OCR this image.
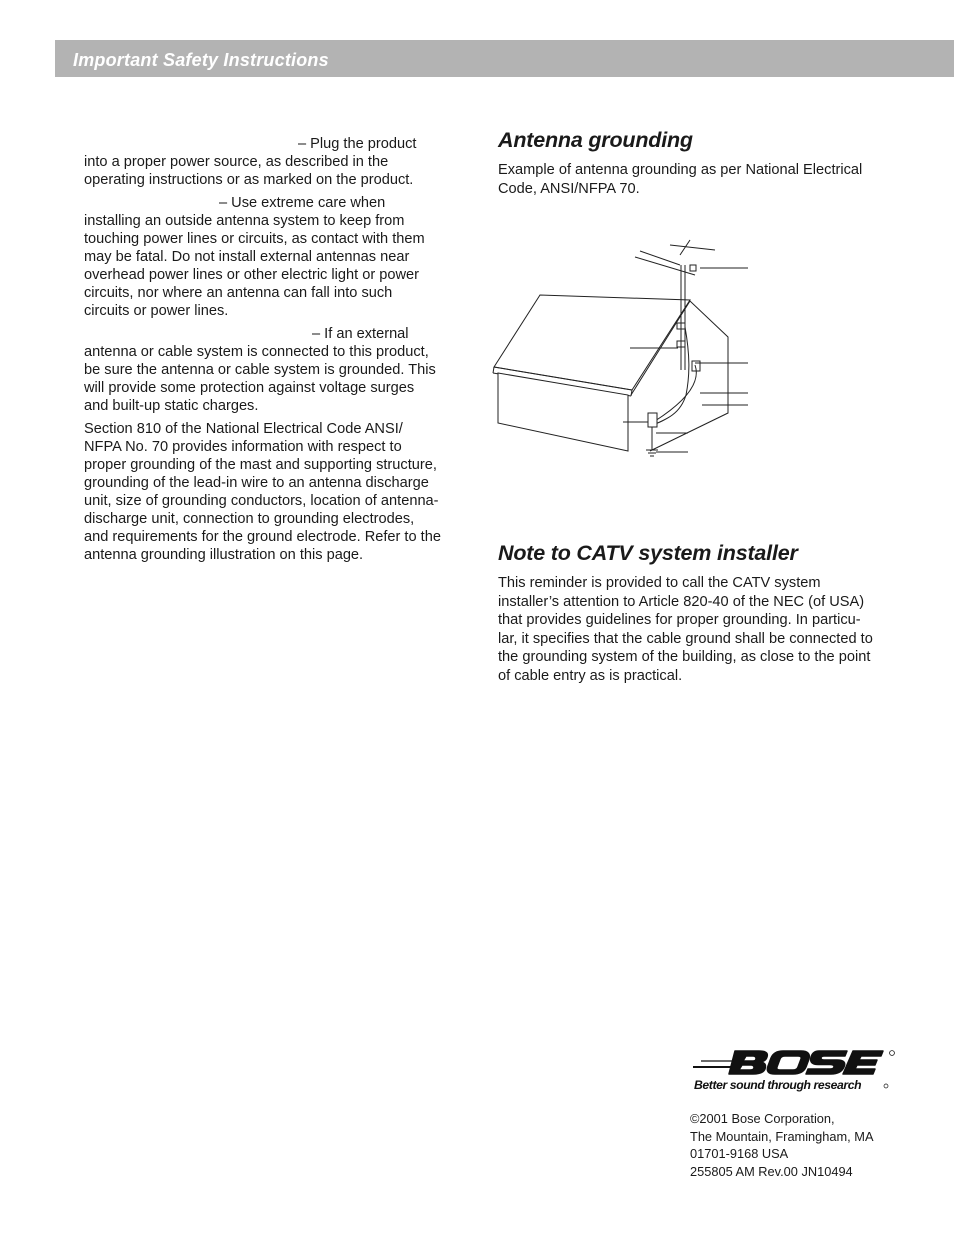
Important Safety Instructions

– Plug the product into a proper power source, as described in the operating instructions or as marked on the product.

– Use extreme care when installing an outside antenna system to keep from touching power lines or circuits, as contact with them may be fatal. Do not install external antennas near overhead power lines or other electric light or power circuits, nor where an antenna can fall into such circuits or power lines.

– If an external antenna or cable system is connected to this product, be sure the antenna or cable system is grounded. This will provide some protection against voltage surges and built-up static charges.

Section 810 of the National Electrical Code ANSI/ NFPA No. 70 provides information with respect to proper grounding of the mast and supporting structure, grounding of the lead-in wire to an antenna discharge unit, size of grounding conductors, location of antenna-discharge unit, connection to grounding electrodes, and requirements for the ground electrode. Refer to the antenna grounding illustration on this page.

Antenna grounding

Example of antenna grounding as per National Electrical Code, ANSI/NFPA 70.

Note to CATV system installer

This reminder is provided to call the CATV system installer’s attention to Article 820-40 of the NEC (of USA) that provides guidelines for proper grounding. In particu- lar, it specifies that the cable ground shall be connected to the grounding system of the building, as close to the point of cable entry as is practical.

BOSE
Better sound through research
©2001 Bose Corporation,
The Mountain, Framingham, MA
01701-9168 USA
255805 AM Rev.00 JN10494
